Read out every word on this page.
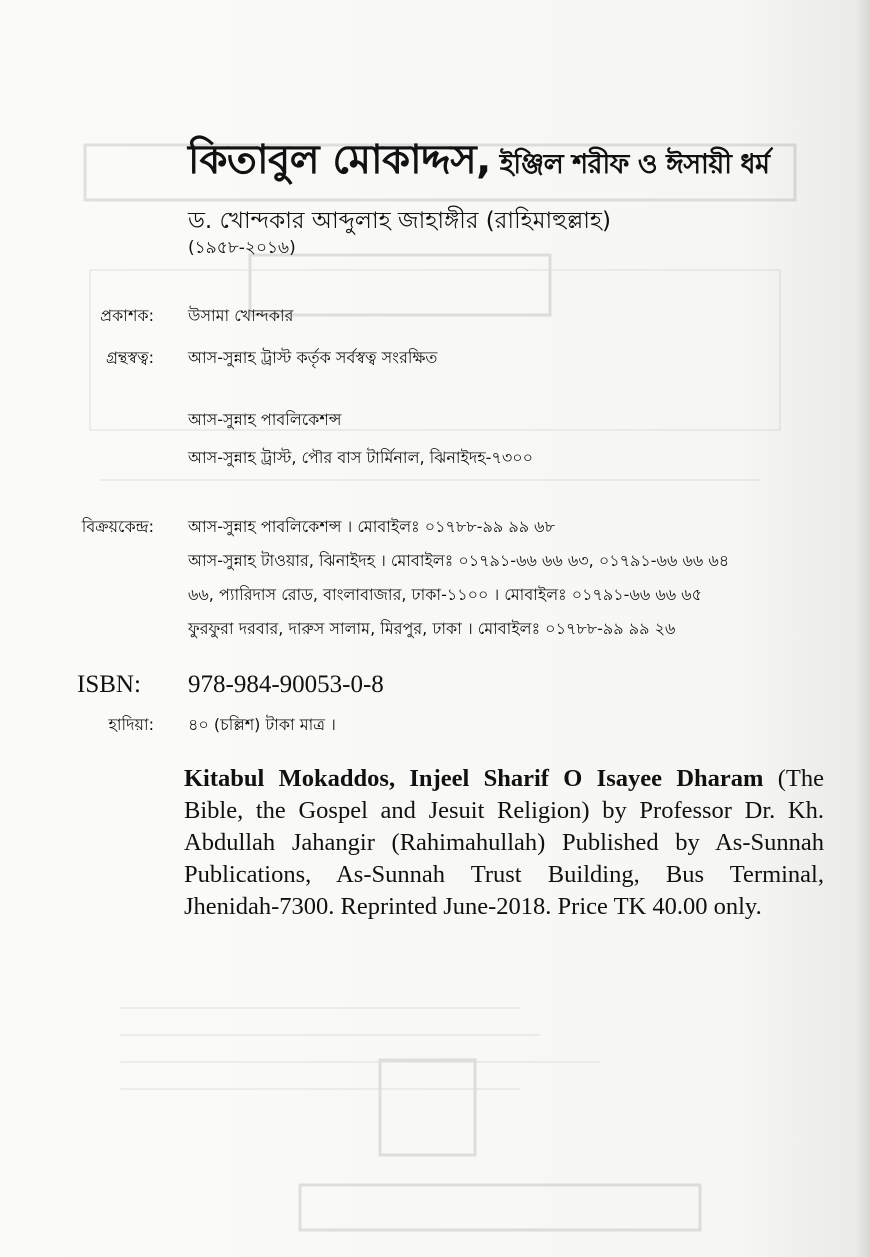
কিতাবুল মোকাদ্দস, ইঞ্জিল শরীফ ও ঈসায়ী ধর্ম
ড. খোন্দকার আব্দুলাহ জাহাঙ্গীর (রাহিমাহুল্লাহ)
(১৯৫৮-২০১৬)
প্রকাশক: উসামা খোন্দকার
গ্রন্থস্বত্ব: আস-সুন্নাহ ট্রাস্ট কর্তৃক সর্বস্বত্ব সংরক্ষিত
আস-সুন্নাহ পাবলিকেশন্স
আস-সুন্নাহ ট্রাস্ট, পৌর বাস টার্মিনাল, ঝিনাইদহ-৭৩০০
বিক্রয়কেন্দ্র: আস-সুন্নাহ পাবলিকেশন্স । মোবাইলঃ ০১৭৮৮-৯৯ ৯৯ ৬৮
আস-সুন্নাহ টাওয়ার, ঝিনাইদহ । মোবাইলঃ ০১৭৯১-৬৬ ৬৬ ৬৩, ০১৭৯১-৬৬ ৬৬ ৬৪
৬৬, প্যারিদাস রোড, বাংলাবাজার, ঢাকা-১১০০ । মোবাইলঃ ০১৭৯১-৬৬ ৬৬ ৬৫
ফুরফুরা দরবার, দারুস সালাম, মিরপুর, ঢাকা । মোবাইলঃ ০১৭৮৮-৯৯ ৯৯ ২৬
ISBN: 978-984-90053-0-8
হাদিয়া: ৪০ (চল্লিশ) টাকা মাত্র ।
Kitabul Mokaddos, Injeel Sharif O Isayee Dharam (The Bible, the Gospel and Jesuit Religion) by Professor Dr. Kh. Abdullah Jahangir (Rahimahullah) Published by As-Sunnah Publications, As-Sunnah Trust Building, Bus Terminal, Jhenidah-7300. Reprinted June-2018. Price TK 40.00 only.
